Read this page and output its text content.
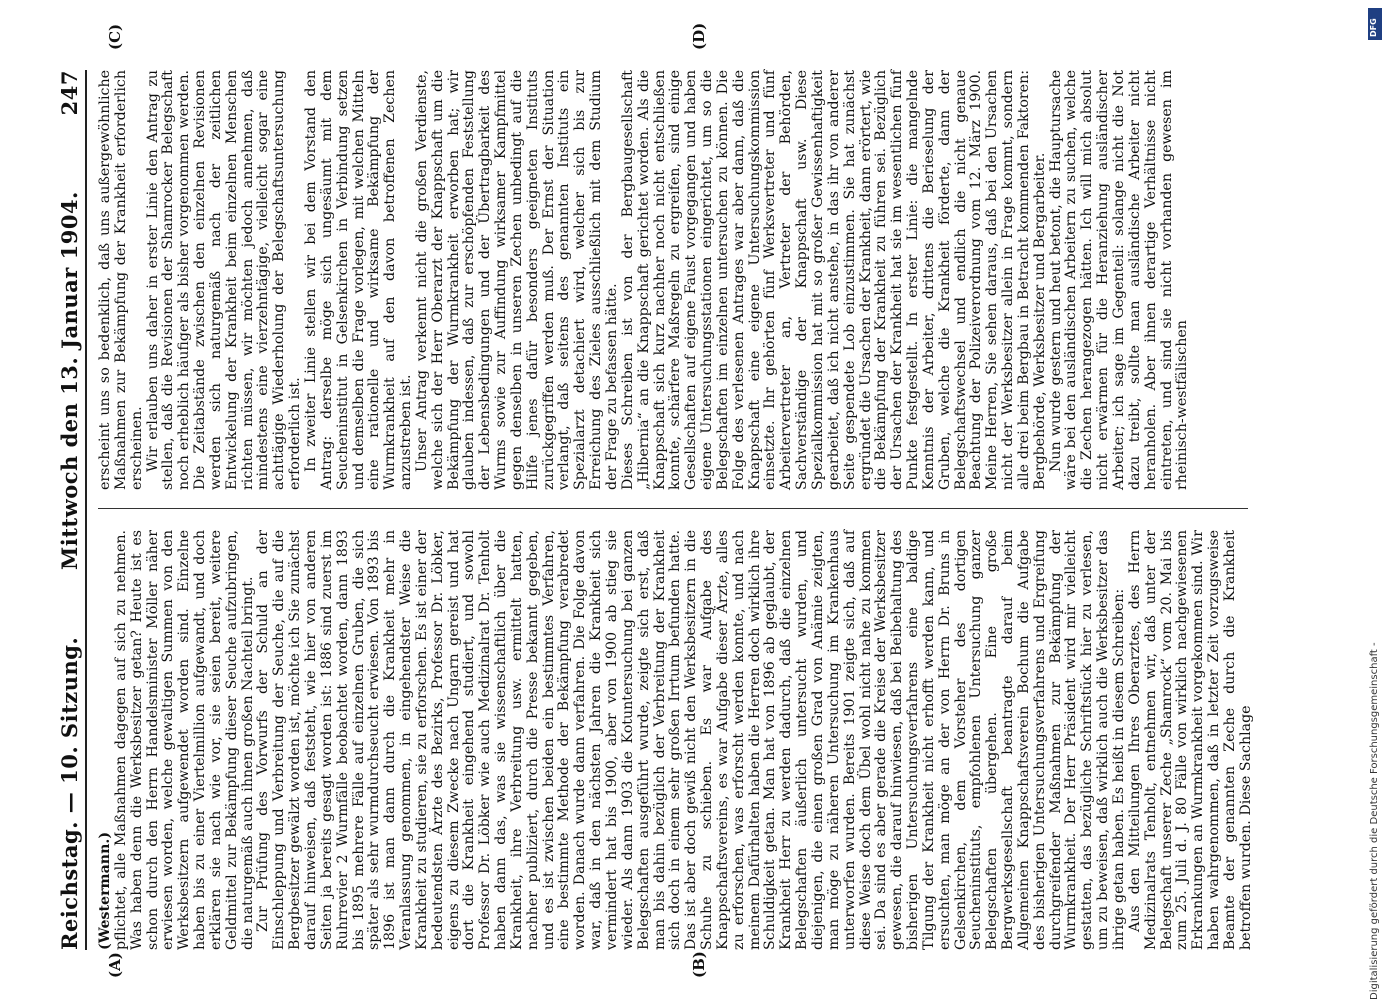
Reichstag. — 10. Sitzung.
Mittwoch den 13. Januar 1904.
247
(A)	(B)
(C)	(D)

(Westermann.) pflichtet, alle Maßnahmen dagegen auf sich zu nehmen. Was haben denn die Werksbesitzer getan? Heute ist es schon durch den Herrn Handelsminister Möller näher erwiesen worden, welche gewaltigen Summen von den Werksbesitzern aufgewendet worden sind. Einzelne haben bis zu einer Viertelmillion aufgewandt, und doch erklären sie nach wie vor, sie seien bereit, weitere Geldmittel zur Bekämpfung dieser Seuche aufzubringen, die naturgemäß auch ihnen großen Nachteil bringt. Zur Prüfung des Vorwurfs der Schuld an der Einschleppung und Verbreitung der Seuche, die auf die Bergbesitzer gewälzt worden ist, möchte ich Sie zunächst darauf hinweisen, daß feststeht, wie hier von anderen Seiten ja bereits gesagt worden ist: 1886 sind zuerst im Ruhrrevier 2 Wurmfälle beobachtet worden, dann 1893 bis 1895 mehrere Fälle auf einzelnen Gruben, die sich später als sehr wurmdurchseucht erwiesen. Von 1893 bis 1896 ist man dann durch die Krankheit mehr in Veranlassung genommen, in eingehendster Weise die Krankheit zu studieren, sie zu erforschen. Es ist einer der bedeutendsten Ärzte des Bezirks, Professor Dr. Löbker, eigens zu diesem Zwecke nach Ungarn gereist und hat dort die Krankheit eingehend studiert, und sowohl Professor Dr. Löbker wie auch Medizinalrat Dr. Tenholt haben dann das, was sie wissenschaftlich über die Krankheit, ihre Verbreitung usw. ermittelt hatten, nachher publiziert, durch die Presse bekannt gegeben, und es ist zwischen beiden ein bestimmtes Verfahren, eine bestimmte Methode der Bekämpfung verabredet worden. Danach wurde dann verfahren. Die Folge davon war, daß in den nächsten Jahren die Krankheit sich vermindert hat bis 1900, aber von 1900 ab stieg sie wieder. Als dann 1903 die Kotuntersuchung bei ganzen Belegschaften ausgeführt wurde, zeigte sich erst, daß man bis dahin bezüglich der Verbreitung der Krankheit sich doch in einem sehr großen Irrtum befunden hatte. Das ist aber doch gewiß nicht den Werksbesitzern in die Schuhe zu schieben. Es war Aufgabe des Knappschaftsvereins, es war Aufgabe dieser Ärzte, alles zu erforschen, was erforscht werden konnte, und nach meinem Dafürhalten haben die Herren doch wirklich ihre Schuldigkeit getan. Man hat von 1896 ab geglaubt, der Krankheit Herr zu werden dadurch, daß die einzelnen Belegschaften äußerlich untersucht wurden, und diejenigen, die einen großen Grad von Anämie zeigten, man möge zu näheren Untersuchung im Krankenhaus unterworfen wurden. Bereits 1901 zeigte sich, daß auf diese Weise doch dem Übel wohl nicht nahe zu kommen sei. Da sind es aber gerade die Kreise der Werksbesitzer gewesen, die darauf hinwiesen, daß bei Beibehaltung des bisherigen Untersuchungsverfahrens eine baldige Tilgung der Krankheit nicht erhofft werden kann, und ersuchten, man möge an der von Herrn Dr. Bruns in Gelsenkirchen, dem Vorsteher des dortigen Seucheninstituts, empfohlenen Untersuchung ganzer Belegschaften übergehen. Eine große Bergwerksgesellschaft beantragte darauf beim Allgemeinen Knappschaftsverein Bochum die Aufgabe des bisherigen Untersuchungsverfahrens und Ergreifung durchgreifender Maßnahmen zur Bekämpfung der Wurmkrankheit. Der Herr Präsident wird mir vielleicht gestatten, das bezügliche Schriftstück hier zu verlesen, um zu beweisen, daß wirklich auch die Werksbesitzer das ihrige getan haben. Es heißt in diesem Schreiben: Aus den Mitteilungen Ihres Oberarztes, des Herrn Medizinalrats Tenholt, entnehmen wir, daß unter der Belegschaft unserer Zeche „Shamrock“ vom 20. Mai bis zum 25. Juli d. J. 80 Fälle von wirklich nachgewiesenen Erkrankungen an Wurmkrankheit vorgekommen sind. Wir haben wahrgenommen, daß in letzter Zeit vorzugsweise Beamte der genannten Zeche durch die Krankheit betroffen wurden. Diese Sachlage

erscheint uns so bedenklich, daß uns außergewöhnliche Maßnahmen zur Bekämpfung der Krankheit erforderlich erscheinen. Wir erlauben uns daher in erster Linie den Antrag zu stellen, daß die Revisionen der Shamrocker Belegschaft noch erheblich häufiger als bisher vorgenommen werden. Die Zeitabstände zwischen den einzelnen Revisionen werden sich naturgemäß nach der zeitlichen Entwickelung der Krankheit beim einzelnen Menschen richten müssen, wir möchten jedoch annehmen, daß mindestens eine vierzehntägige, vielleicht sogar eine achttägige Wiederholung der Belegschaftsuntersuchung erforderlich ist. In zweiter Linie stellen wir bei dem Vorstand den Antrag: derselbe möge sich ungesäumt mit dem Seucheninstitut in Gelsenkirchen in Verbindung setzen und demselben die Frage vorlegen, mit welchen Mitteln eine rationelle und wirksame Bekämpfung der Wurmkrankheit auf den davon betroffenen Zechen anzustreben ist. Unser Antrag verkennt nicht die großen Verdienste, welche sich der Herr Oberarzt der Knappschaft um die Bekämpfung der Wurmkrankheit erworben hat; wir glauben indessen, daß zur erschöpfenden Feststellung der Lebensbedingungen und der Übertragbarkeit des Wurms sowie zur Auffindung wirksamer Kampfmittel gegen denselben in unseren Zechen unbedingt auf die Hilfe jenes dafür besonders geeigneten Instituts zurückgegriffen werden muß. Der Ernst der Situation verlangt, daß seitens des genannten Instituts ein Spezialarzt detachiert wird, welcher sich bis zur Erreichung des Zieles ausschließlich mit dem Studium der Frage zu befassen hätte. Dieses Schreiben ist von der Bergbaugesellschaft „Hibernia“ an die Knappschaft gerichtet worden. Als die Knappschaft sich kurz nachher noch nicht entschließen konnte, schärfere Maßregeln zu ergreifen, sind einige Gesellschaften auf eigene Faust vorgegangen und haben eigene Untersuchungsstationen eingerichtet, um so die Belegschaften im einzelnen untersuchen zu können. Die Folge des verlesenen Antrages war aber dann, daß die Knappschaft eine eigene Untersuchungskommission einsetzte. Ihr gehörten fünf Werksvertreter und fünf Arbeitervertreter an, Vertreter der Behörden, Sachverständige der Knappschaft usw. Diese Spezialkommission hat mit so großer Gewissenhaftigkeit gearbeitet, daß ich nicht anstehe, in das ihr von anderer Seite gespendete Lob einzustimmen. Sie hat zunächst ergründet die Ursachen der Krankheit, dann erörtert, wie die Bekämpfung der Krankheit zu führen sei. Bezüglich der Ursachen der Krankheit hat sie im wesentlichen fünf Punkte festgestellt. In erster Linie: die mangelnde Kenntnis der Arbeiter, drittens die Berieselung der Gruben, welche die Krankheit förderte, dann der Belegschaftswechsel und endlich die nicht genaue Beachtung der Polizeiverordnung vom 12. März 1900. Meine Herren, Sie sehen daraus, daß bei den Ursachen nicht der Werksbesitzer allein in Frage kommt, sondern alle drei beim Bergbau in Betracht kommenden Faktoren: Bergbehörde, Werksbesitzer und Bergarbeiter. Nun wurde gestern und heut betont, die Hauptursache wäre bei den ausländischen Arbeitern zu suchen, welche die Zechen herangezogen hätten. Ich will mich absolut nicht erwärmen für die Heranziehung ausländischer Arbeiter; ich sage im Gegenteil: solange nicht die Not dazu treibt, sollte man ausländische Arbeiter nicht heranholen. Aber ihnen derartige Verhältnisse nicht eintreten, und sind sie nicht vorhanden gewesen im rheinisch-westfälischen

DFG
Digitalisierung gefördert durch die Deutsche Forschungsgemeinschaft -
